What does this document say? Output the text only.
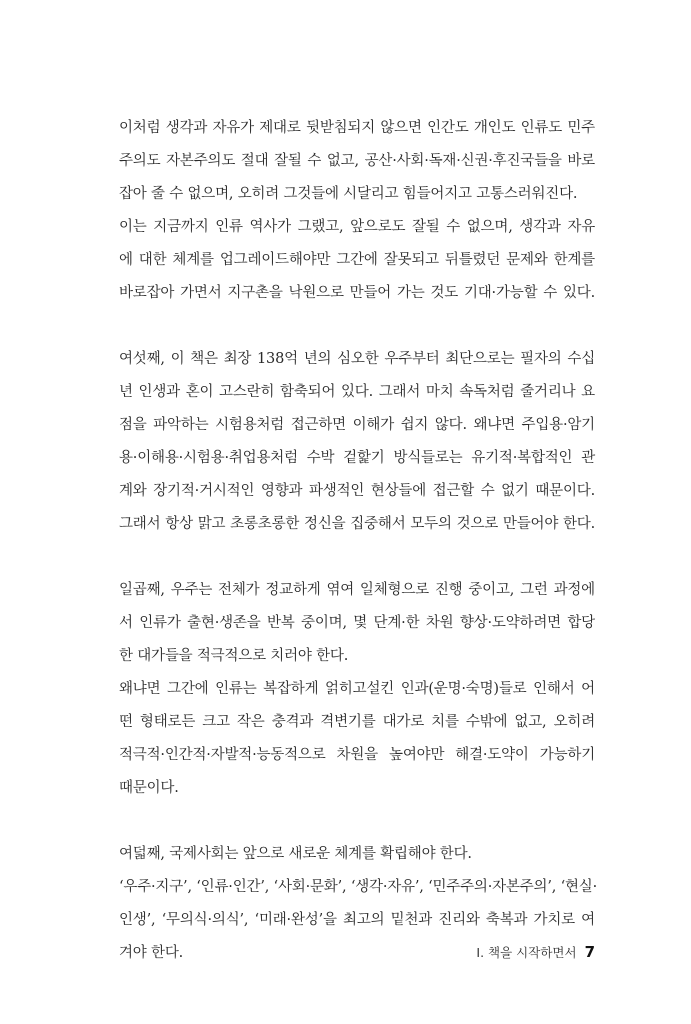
이처럼 생각과 자유가 제대로 뒷받침되지 않으면 인간도 개인도 인류도 민주
주의도 자본주의도 절대 잘될 수 없고, 공산·사회·독재·신권·후진국들을 바로
잡아 줄 수 없으며, 오히려 그것들에 시달리고 힘들어지고 고통스러워진다.
이는 지금까지 인류 역사가 그랬고, 앞으로도 잘될 수 없으며, 생각과 자유
에 대한 체계를 업그레이드해야만 그간에 잘못되고 뒤틀렸던 문제와 한계를
바로잡아 가면서 지구촌을 낙원으로 만들어 가는 것도 기대·가능할 수 있다.
여섯째, 이 책은 최장 138억 년의 심오한 우주부터 최단으로는 필자의 수십
년 인생과 혼이 고스란히 함축되어 있다. 그래서 마치 속독처럼 줄거리나 요
점을 파악하는 시험용처럼 접근하면 이해가 쉽지 않다. 왜냐면 주입용·암기
용·이해용·시험용·취업용처럼 수박 겉핥기 방식들로는 유기적·복합적인 관
계와 장기적·거시적인 영향과 파생적인 현상들에 접근할 수 없기 때문이다.
그래서 항상 맑고 초롱초롱한 정신을 집중해서 모두의 것으로 만들어야 한다.
일곱째, 우주는 전체가 정교하게 엮여 일체형으로 진행 중이고, 그런 과정에
서 인류가 출현·생존을 반복 중이며, 몇 단계·한 차원 향상·도약하려면 합당
한 대가들을 적극적으로 치러야 한다.
왜냐면 그간에 인류는 복잡하게 얽히고설킨 인과(운명·숙명)들로 인해서 어
떤 형태로든 크고 작은 충격과 격변기를 대가로 치를 수밖에 없고, 오히려
적극적·인간적·자발적·능동적으로 차원을 높여야만 해결·도약이 가능하기
때문이다.
여덟째, 국제사회는 앞으로 새로운 체계를 확립해야 한다.
‘우주·지구’, ‘인류·인간’, ‘사회·문화’, ‘생각·자유’, ‘민주주의·자본주의’, ‘현실·
인생’, ‘무의식·의식’, ‘미래·완성’을 최고의 밑천과 진리와 축복과 가치로 여
겨야 한다.	Ⅰ. 책을 시작하면서 7
